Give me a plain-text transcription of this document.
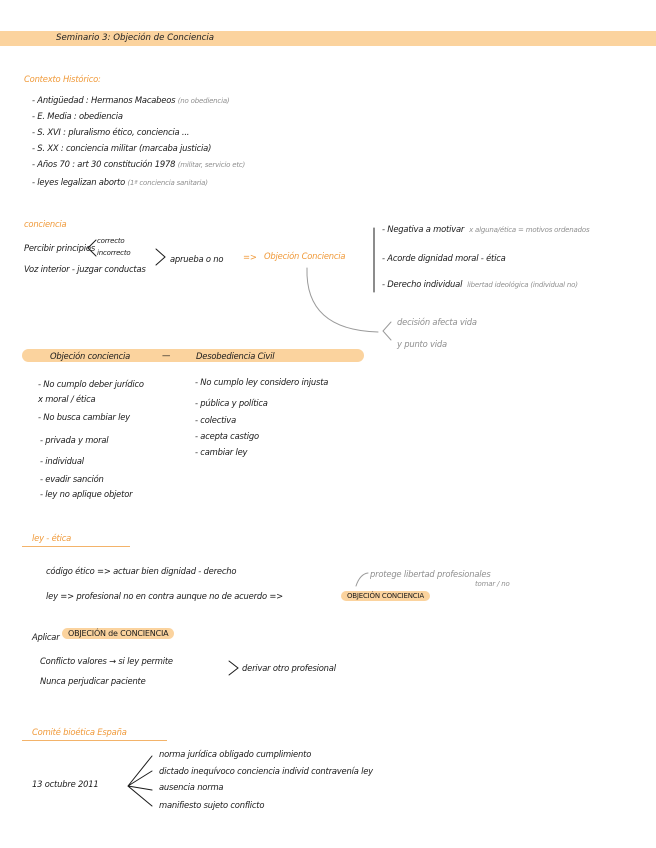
Seminario 3: Objeción de Conciencia
Contexto Histórico:
- Antigüedad : Hermanos Macabeos (no obediencia)
- E. Media : obediencia
- S. XVI : pluralismo ético, conciencia ...
- S. XX : conciencia militar (marcaba justicia)
- Años 70 : art 30 constitución 1978 (militar, servicio etc)
- leyes legalizan aborto (1ª conciencia sanitaria)
conciencia
Percibir principios
correcto
incorrecto
Voz interior - juzgar conductas
aprueba o no => Objeción Conciencia
- Negativa a motivar x alguna/ética = motivos ordenados
- Acorde dignidad moral - ética
- Derecho individual libertad ideológica (individual no)
decisión afecta vida
y punto vida
Objeción conciencia	—	Desobediencia Civil
- No cumplo deber jurídico
x moral / ética
- No busca cambiar ley
- privada y moral
- individual
- evadir sanción
- ley no aplique objetor
- No cumplo ley considero injusta
- pública y política
- colectiva
- acepta castigo
- cambiar ley
ley - ética
código ético => actuar bien dignidad - derecho
ley => profesional no en contra aunque no de acuerdo =>	OBJECIÓN CONCIENCIA
protege libertad profesionales
tomar / no
Aplicar	OBJECIÓN de CONCIENCIA
Conflicto valores → si ley permite
Nunca perjudicar paciente
derivar otro profesional
Comité bioética España
13 octubre 2011
norma jurídica obligado cumplimiento
dictado inequívoco conciencia individ contravenía ley
ausencia norma
manifiesto sujeto conflicto
